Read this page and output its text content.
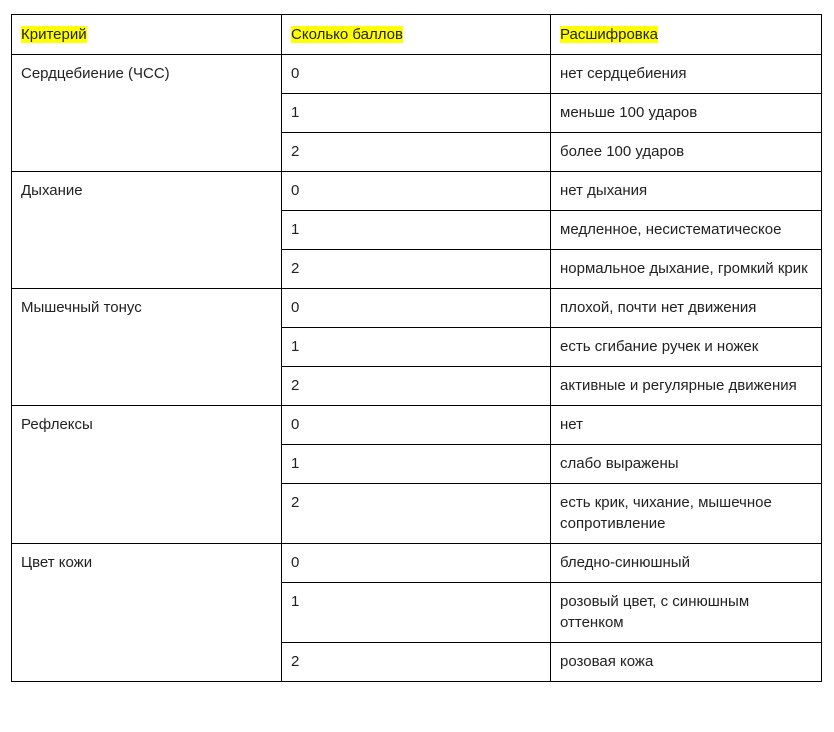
Критерий	Сколько баллов	Расшифровка
Сердцебиение (ЧСС)	0	нет сердцебиения
	1	меньше 100 ударов
	2	более 100 ударов
Дыхание	0	нет дыхания
	1	медленное, несистематическое
	2	нормальное дыхание, громкий крик
Мышечный тонус	0	плохой, почти нет движения
	1	есть сгибание ручек и ножек
	2	активные и регулярные движения
Рефлексы	0	нет
	1	слабо выражены
	2	есть крик, чихание, мышечное сопротивление
Цвет кожи	0	бледно-синюшный
	1	розовый цвет, с синюшным оттенком
	2	розовая кожа
